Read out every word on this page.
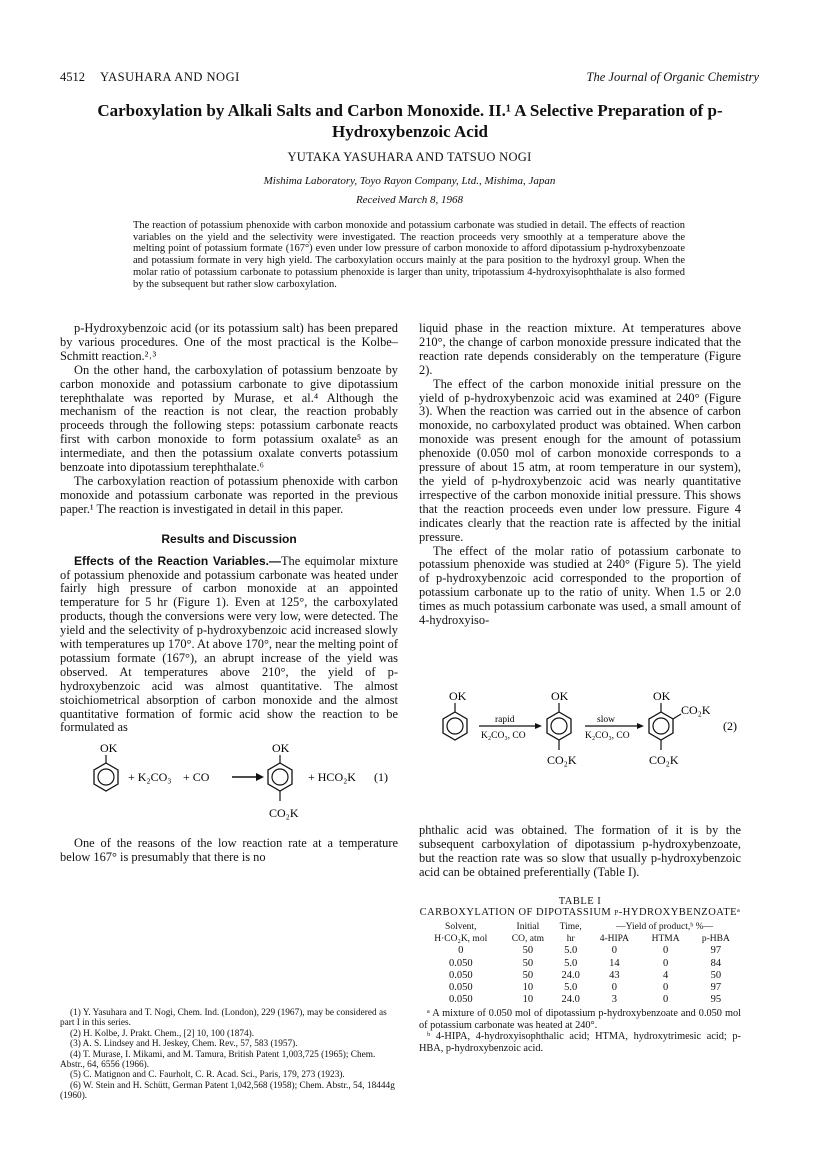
4512 YASUHARA AND NOGI	The Journal of Organic Chemistry
Carboxylation by Alkali Salts and Carbon Monoxide. II.¹ A Selective Preparation of p-Hydroxybenzoic Acid
YUTAKA YASUHARA AND TATSUO NOGI
Mishima Laboratory, Toyo Rayon Company, Ltd., Mishima, Japan
Received March 8, 1968
The reaction of potassium phenoxide with carbon monoxide and potassium carbonate was studied in detail. The effects of reaction variables on the yield and the selectivity were investigated. The reaction proceeds very smoothly at a temperature above the melting point of potassium formate (167°) even under low pressure of carbon monoxide to afford dipotassium p-hydroxybenzoate and potassium formate in very high yield. The carboxylation occurs mainly at the para position to the hydroxyl group. When the molar ratio of potassium carbonate to potassium phenoxide is larger than unity, tripotassium 4-hydroxyisophthalate is also formed by the subsequent but rather slow carboxylation.

p-Hydroxybenzoic acid (or its potassium salt) has been prepared by various procedures. One of the most practical is the Kolbe–Schmitt reaction.²˒³

On the other hand, the carboxylation of potassium benzoate by carbon monoxide and potassium carbonate to give dipotassium terephthalate was reported by Murase, et al.⁴ Although the mechanism of the reaction is not clear, the reaction probably proceeds through the following steps: potassium carbonate reacts first with carbon monoxide to form potassium oxalate⁵ as an intermediate, and then the potassium oxalate converts potassium benzoate into dipotassium terephthalate.⁶

The carboxylation reaction of potassium phenoxide with carbon monoxide and potassium carbonate was reported in the previous paper.¹ The reaction is investigated in detail in this paper.

Results and Discussion

Effects of the Reaction Variables.—The equimolar mixture of potassium phenoxide and potassium carbonate was heated under fairly high pressure of carbon monoxide at an appointed temperature for 5 hr (Figure 1). Even at 125°, the carboxylated products, though the conversions were very low, were detected. The yield and the selectivity of p-hydroxybenzoic acid increased slowly with temperatures up 170°. At above 170°, near the melting point of potassium formate (167°), an abrupt increase of the yield was observed. At temperatures above 210°, the yield of p-hydroxybenzoic acid was almost quantitative. The almost stoichiometrical absorption of carbon monoxide and the almost quantitative formation of formic acid show the reaction to be formulated as

OK
+ K₂CO₃ + CO
OK
CO₂K
+ HCO₂K (1)

One of the reasons of the low reaction rate at a temperature below 167° is presumably that there is no

(1) Y. Yasuhara and T. Nogi, Chem. Ind. (London), 229 (1967), may be considered as part I in this series.

(2) H. Kolbe, J. Prakt. Chem., [2] 10, 100 (1874).

(3) A. S. Lindsey and H. Jeskey, Chem. Rev., 57, 583 (1957).

(4) T. Murase, I. Mikami, and M. Tamura, British Patent 1,003,725 (1965); Chem. Abstr., 64, 6556 (1966).

(5) C. Matignon and C. Faurholt, C. R. Acad. Sci., Paris, 179, 273 (1923).

(6) W. Stein and H. Schütt, German Patent 1,042,568 (1958); Chem. Abstr., 54, 18444g (1960).

liquid phase in the reaction mixture. At temperatures above 210°, the change of carbon monoxide pressure indicated that the reaction rate depends considerably on the temperature (Figure 2).

The effect of the carbon monoxide initial pressure on the yield of p-hydroxybenzoic acid was examined at 240° (Figure 3). When the reaction was carried out in the absence of carbon monoxide, no carboxylated product was obtained. When carbon monoxide was present enough for the amount of potassium phenoxide (0.050 mol of carbon monoxide corresponds to a pressure of about 15 atm, at room temperature in our system), the yield of p-hydroxybenzoic acid was nearly quantitative irrespective of the carbon monoxide initial pressure. This shows that the reaction proceeds even under low pressure. Figure 4 indicates clearly that the reaction rate is affected by the initial pressure.

The effect of the molar ratio of potassium carbonate to potassium phenoxide was studied at 240° (Figure 5). The yield of p-hydroxybenzoic acid corresponded to the proportion of potassium carbonate up to the ratio of unity. When 1.5 or 2.0 times as much potassium carbonate was used, a small amount of 4-hydroxyiso-

OK
rapid
K₂CO₃, CO
OK
CO₂K
slow
K₂CO₃, CO
OK
CO₂K
CO₂K
(2)

phthalic acid was obtained. The formation of it is by the subsequent carboxylation of dipotassium p-hydroxybenzoate, but the reaction rate was so slow that usually p-hydroxybenzoic acid can be obtained preferentially (Table I).

TABLE I
CARBOXYLATION OF DIPOTASSIUM p-HYDROXYBENZOATEᵃ
Solvent,	Initial	Time,	—Yield of product,ᵇ %—		
H·CO₂K, mol	CO, atm	hr	4-HIPA	HTMA	p-HBA
0	50	5.0	0	0	97
0.050	50	5.0	14	0	84
0.050	50	24.0	43	4	50
0.050	10	5.0	0	0	97
0.050	10	24.0	3	0	95

ᵃ A mixture of 0.050 mol of dipotassium p-hydroxybenzoate and 0.050 mol of potassium carbonate was heated at 240°.

ᵇ 4-HIPA, 4-hydroxyisophthalic acid; HTMA, hydroxytrimesic acid; p-HBA, p-hydroxybenzoic acid.
